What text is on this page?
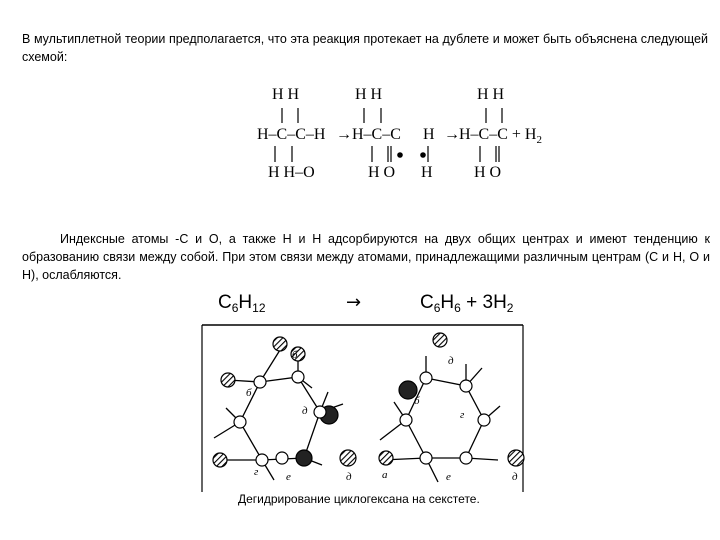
В мультиплетной теории предполагается, что эта реакция протекает на дублете и может быть объяснена следующей схемой:
H H	H H	H H
H–C–C–H → H–C–C $H \to H-C-C + H_2$
H H–O	H O H	H O
Индексные атомы -С и О, а также Н и Н адсорбируются на двух общих центрах и имеют тенденцию к образованию связи между собой. При этом связи между атомами, принадлежащими различным центрам (С и Н, О и Н), ослабляются.
$C_6H_{12}$	→	$C_6H_6 + 3H_2$
б
б
д
г	е	д
д
б
г
а	е	д
Дегидрирование циклогексана на секстете.
